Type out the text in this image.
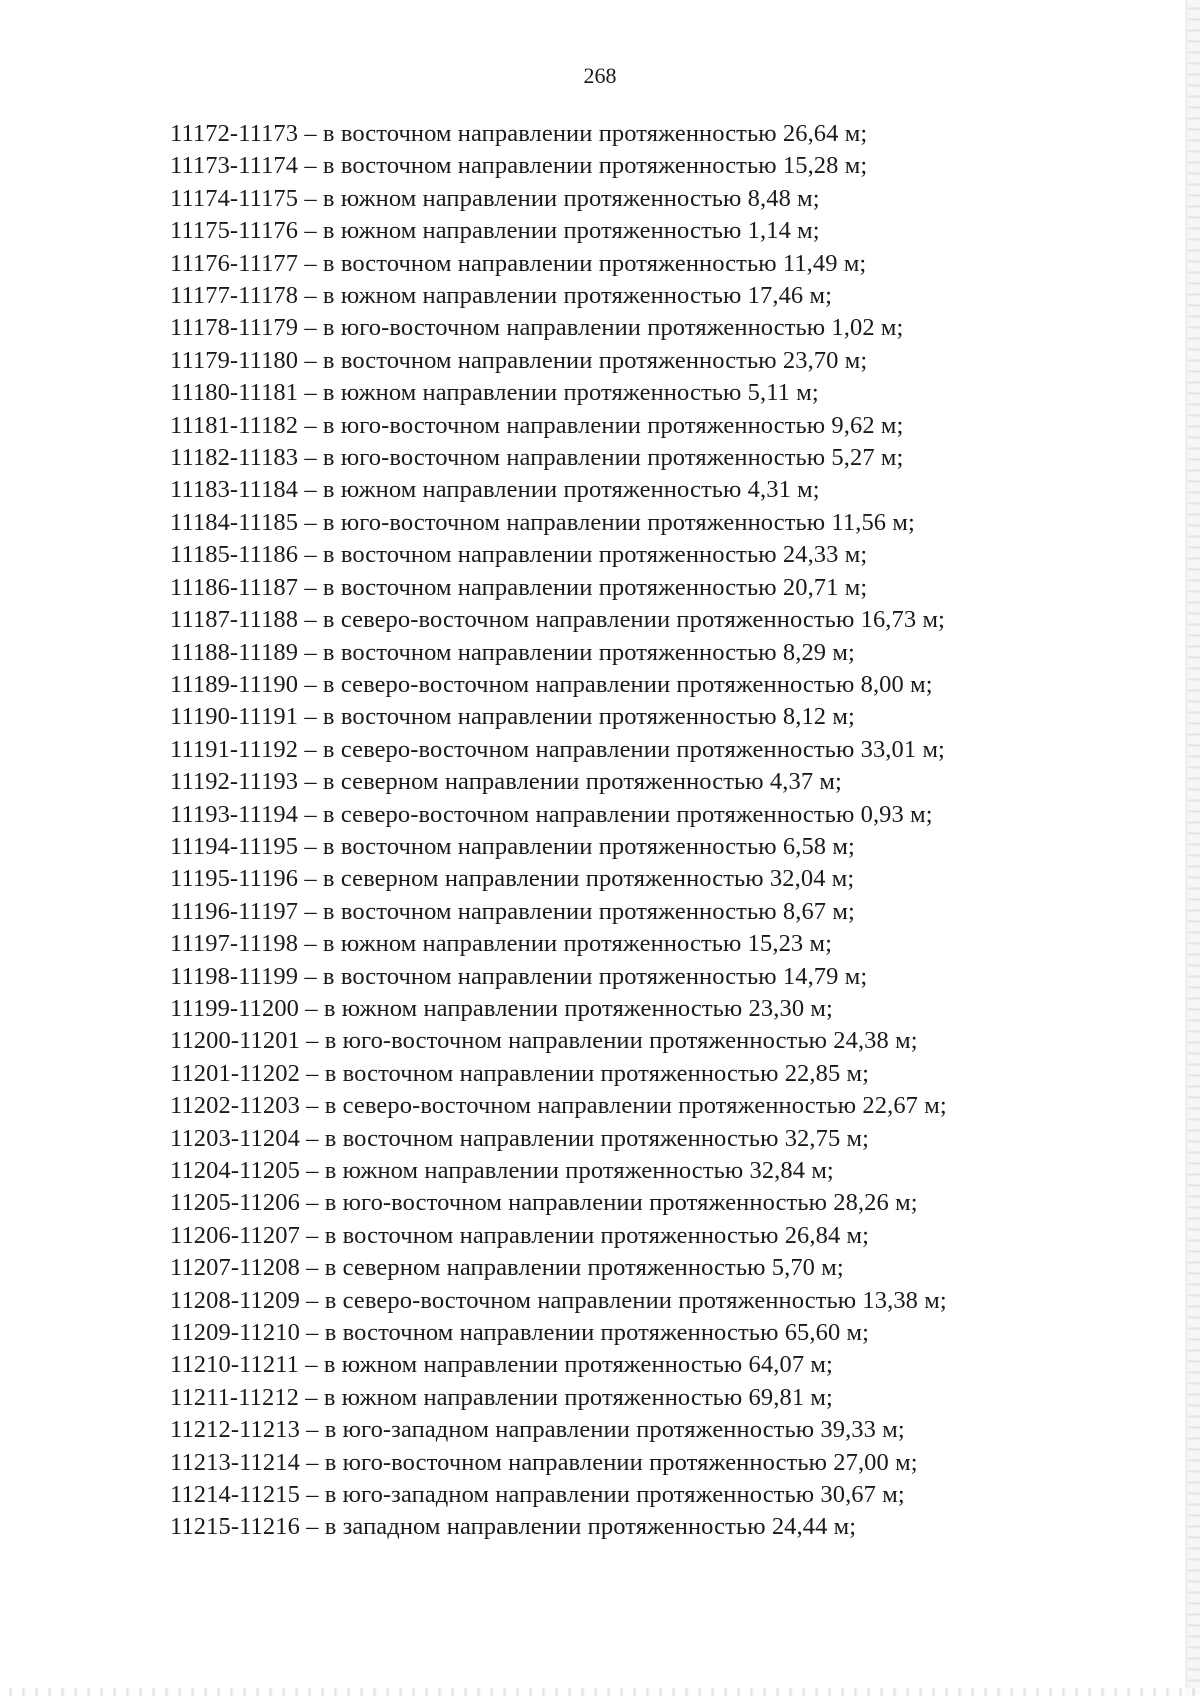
268
11172-11173 – в восточном направлении протяженностью 26,64 м;
11173-11174 – в восточном направлении протяженностью 15,28 м;
11174-11175 – в южном направлении протяженностью 8,48 м;
11175-11176 – в южном направлении протяженностью 1,14 м;
11176-11177 – в восточном направлении протяженностью 11,49 м;
11177-11178 – в южном направлении протяженностью 17,46 м;
11178-11179 – в юго-восточном направлении протяженностью 1,02 м;
11179-11180 – в восточном направлении протяженностью 23,70 м;
11180-11181 – в южном направлении протяженностью 5,11 м;
11181-11182 – в юго-восточном направлении протяженностью 9,62 м;
11182-11183 – в юго-восточном направлении протяженностью 5,27 м;
11183-11184 – в южном направлении протяженностью 4,31 м;
11184-11185 – в юго-восточном направлении протяженностью 11,56 м;
11185-11186 – в восточном направлении протяженностью 24,33 м;
11186-11187 – в восточном направлении протяженностью 20,71 м;
11187-11188 – в северо-восточном направлении протяженностью 16,73 м;
11188-11189 – в восточном направлении протяженностью 8,29 м;
11189-11190 – в северо-восточном направлении протяженностью 8,00 м;
11190-11191 – в восточном направлении протяженностью 8,12 м;
11191-11192 – в северо-восточном направлении протяженностью 33,01 м;
11192-11193 – в северном направлении протяженностью 4,37 м;
11193-11194 – в северо-восточном направлении протяженностью 0,93 м;
11194-11195 – в восточном направлении протяженностью 6,58 м;
11195-11196 – в северном направлении протяженностью 32,04 м;
11196-11197 – в восточном направлении протяженностью 8,67 м;
11197-11198 – в южном направлении протяженностью 15,23 м;
11198-11199 – в восточном направлении протяженностью 14,79 м;
11199-11200 – в южном направлении протяженностью 23,30 м;
11200-11201 – в юго-восточном направлении протяженностью 24,38 м;
11201-11202 – в восточном направлении протяженностью 22,85 м;
11202-11203 – в северо-восточном направлении протяженностью 22,67 м;
11203-11204 – в восточном направлении протяженностью 32,75 м;
11204-11205 – в южном направлении протяженностью 32,84 м;
11205-11206 – в юго-восточном направлении протяженностью 28,26 м;
11206-11207 – в восточном направлении протяженностью 26,84 м;
11207-11208 – в северном направлении протяженностью 5,70 м;
11208-11209 – в северо-восточном направлении протяженностью 13,38 м;
11209-11210 – в восточном направлении протяженностью 65,60 м;
11210-11211 – в южном направлении протяженностью 64,07 м;
11211-11212 – в южном направлении протяженностью 69,81 м;
11212-11213 – в юго-западном направлении протяженностью 39,33 м;
11213-11214 – в юго-восточном направлении протяженностью 27,00 м;
11214-11215 – в юго-западном направлении протяженностью 30,67 м;
11215-11216 – в западном направлении протяженностью 24,44 м;
